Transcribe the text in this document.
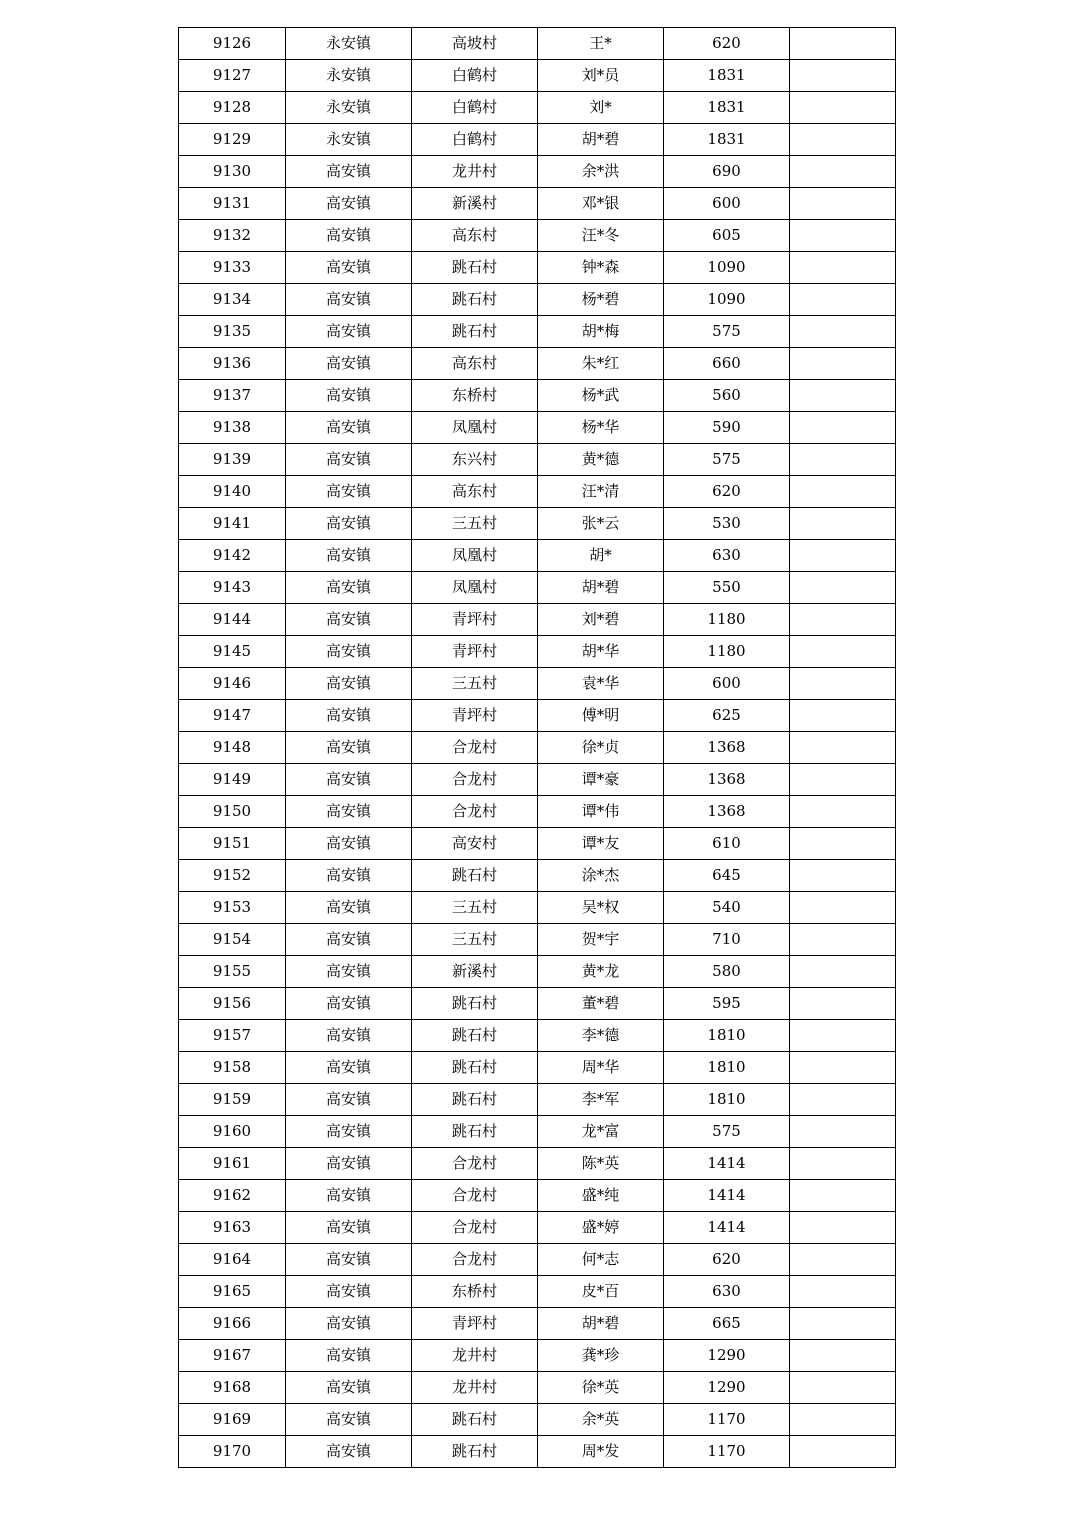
9126	永安镇	高坡村	王*	620	
9127	永安镇	白鹤村	刘*员	1831	
9128	永安镇	白鹤村	刘*	1831	
9129	永安镇	白鹤村	胡*碧	1831	
9130	高安镇	龙井村	余*洪	690	
9131	高安镇	新溪村	邓*银	600	
9132	高安镇	高东村	汪*冬	605	
9133	高安镇	跳石村	钟*森	1090	
9134	高安镇	跳石村	杨*碧	1090	
9135	高安镇	跳石村	胡*梅	575	
9136	高安镇	高东村	朱*红	660	
9137	高安镇	东桥村	杨*武	560	
9138	高安镇	凤凰村	杨*华	590	
9139	高安镇	东兴村	黄*德	575	
9140	高安镇	高东村	汪*清	620	
9141	高安镇	三五村	张*云	530	
9142	高安镇	凤凰村	胡*	630	
9143	高安镇	凤凰村	胡*碧	550	
9144	高安镇	青坪村	刘*碧	1180	
9145	高安镇	青坪村	胡*华	1180	
9146	高安镇	三五村	袁*华	600	
9147	高安镇	青坪村	傅*明	625	
9148	高安镇	合龙村	徐*贞	1368	
9149	高安镇	合龙村	谭*豪	1368	
9150	高安镇	合龙村	谭*伟	1368	
9151	高安镇	高安村	谭*友	610	
9152	高安镇	跳石村	涂*杰	645	
9153	高安镇	三五村	吴*权	540	
9154	高安镇	三五村	贺*宇	710	
9155	高安镇	新溪村	黄*龙	580	
9156	高安镇	跳石村	董*碧	595	
9157	高安镇	跳石村	李*德	1810	
9158	高安镇	跳石村	周*华	1810	
9159	高安镇	跳石村	李*军	1810	
9160	高安镇	跳石村	龙*富	575	
9161	高安镇	合龙村	陈*英	1414	
9162	高安镇	合龙村	盛*纯	1414	
9163	高安镇	合龙村	盛*婷	1414	
9164	高安镇	合龙村	何*志	620	
9165	高安镇	东桥村	皮*百	630	
9166	高安镇	青坪村	胡*碧	665	
9167	高安镇	龙井村	龚*珍	1290	
9168	高安镇	龙井村	徐*英	1290	
9169	高安镇	跳石村	余*英	1170	
9170	高安镇	跳石村	周*发	1170	
